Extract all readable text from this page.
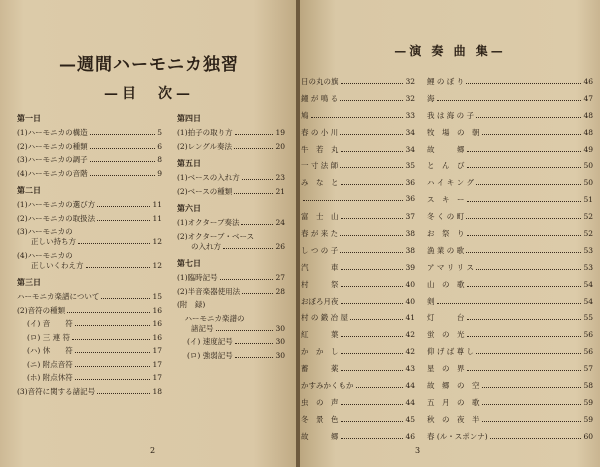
—週間ハーモニカ独習
—目　次—
第一日
(1)ハーモニカの構造	5
(2)ハーモニカの種類	6
(3)ハーモニカの調子	8
(4)ハーモニカの音階	9
第二日
(1)ハーモニカの選び方	11
(2)ハーモニカの取扱法	11
(3)ハーモニカの
正しい持ち方	12
(4)ハーモニカの
正しいくわえ方	12
第三日
ハーモニカ楽譜について	15
(2)音符の種類	16
(イ) 音　　符	16
(ロ) 三 連 符	16
(ハ) 休　　符	17
(ニ) 附点音符	17
(ホ) 附点休符	17
(3)音符に関する諸記号	18
第四日
(1)拍子の取り方	19
(2)レングル奏法	20
第五日
(1)ベースの入れ方	23
(2)ベースの種類	21
第六日
(1)オクターブ奏法	24
(2)オクターブ・ベース
の入れ方	26
第七日
(1)臨時記号	27
(2)半音楽器使用法	28
(附　録)
　ハーモニカ楽譜の
諸記号	30
(イ) 速度記号	30
(ロ) 強弱記号	30
2
—演 奏 曲 集—
日の丸の旗	32
鐘 が 鳴 る	32
鳩	33
春 の 小 川	34
牛　若　丸	34
一 寸 法 師	35
み　な　と	36
36
富　士　山	37
春 が 来 た	38
し つ の 子	38
汽　　　車	39
村　　　祭	40
おぼろ月夜	40
村 の 鍛 冶 屋	41
紅　　　葉	42
か　か　し	42
蓄　　　薬	43
かすみかくもか	44
虫　の　声	44
冬　景　色	45
故　　　郷	46
鯉 の ぼ り	46
海	47
我 は 海 の 子	48
牧　場　の　朝	48
故　　　郷	49
と　ん　び	50
ハ イ キ ン グ	50
ス　キ　ー	51
冬 く の 町	52
お　祭　り	52
漁 業 の 歌	53
ア マ リ リ ス	53
山　の　歌	54
剣	54
灯　　　台	55
蛍　の　光	56
仰 げ ば 尊 し	56
星　の　界	57
故　郷　の　空	58
五　月　の　歌	59
秋　の　夜　半	59
春 (ル・スポンナ)	60
3
